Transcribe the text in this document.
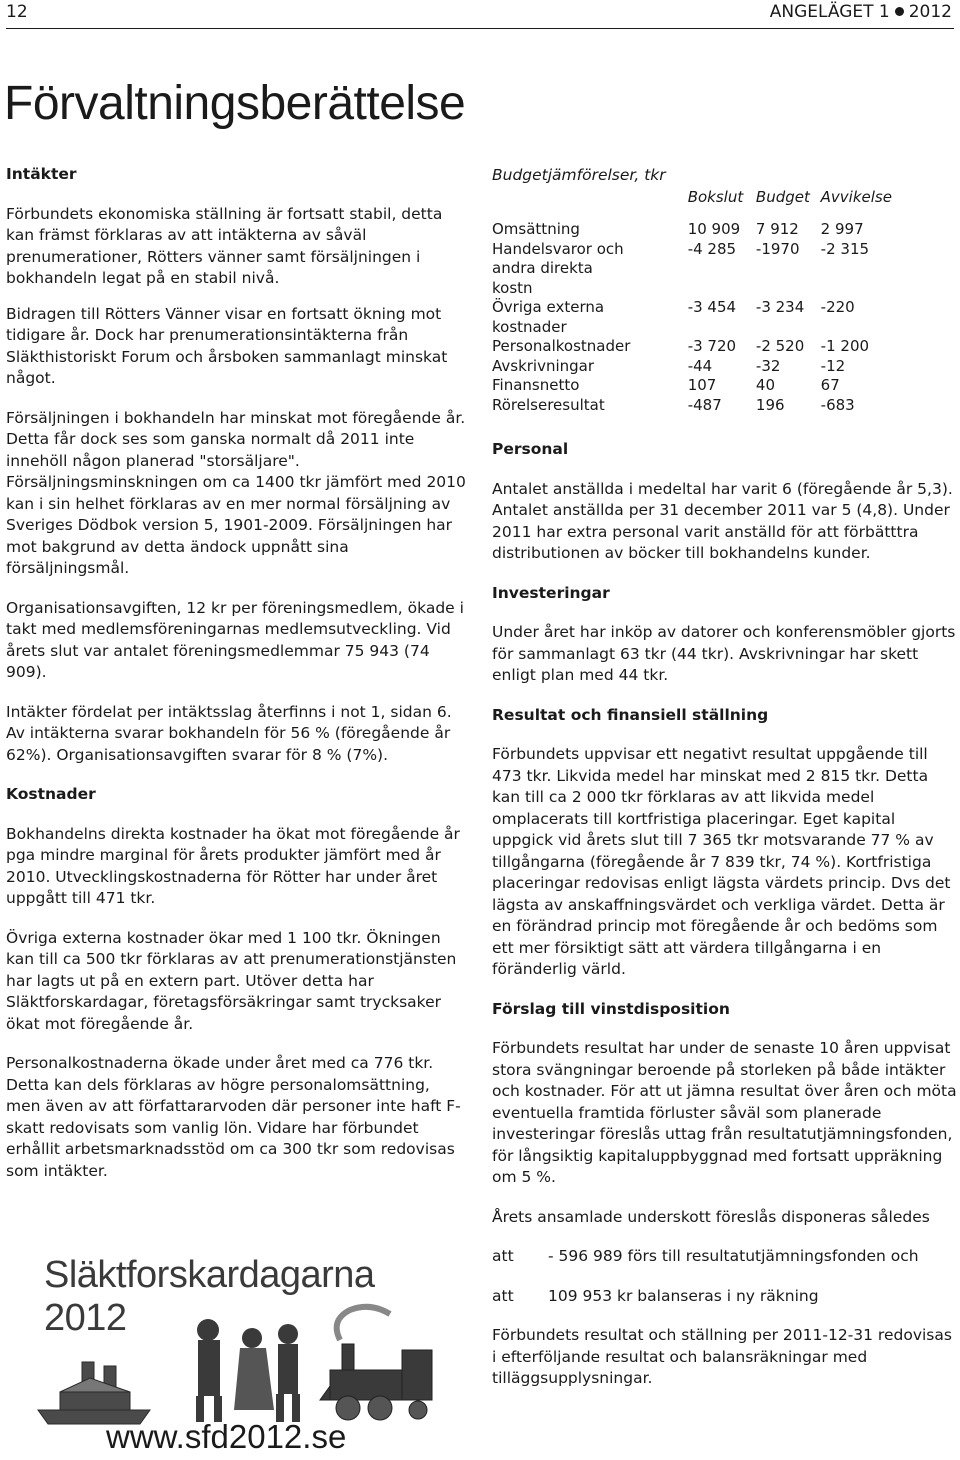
12	ANGELÄGET 1 2012
Förvaltningsberättelse

Intäkter

Förbundets ekonomiska ställning är fortsatt stabil, detta kan främst förklaras av att intäkterna av såväl prenumerationer, Rötters vänner samt försäljningen i bokhandeln legat på en stabil nivå.

Bidragen till Rötters Vänner visar en fortsatt ökning mot tidigare år. Dock har prenumerationsintäkterna från Släkthistoriskt Forum och årsboken sammanlagt minskat något.

Försäljningen i bokhandeln har minskat mot föregående år. Detta får dock ses som ganska normalt då 2011 inte innehöll någon planerad "storsäljare". Försäljningsminskningen om ca 1400 tkr jämfört med 2010 kan i sin helhet förklaras av en mer normal försäljning av Sveriges Dödbok version 5, 1901-2009. Försäljningen har mot bakgrund av detta ändock uppnått sina försäljningsmål.

Organisationsavgiften, 12 kr per föreningsmedlem, ökade i takt med medlemsföreningarnas medlemsutveckling. Vid årets slut var antalet föreningsmedlemmar 75 943 (74 909).

Intäkter fördelat per intäktsslag återfinns i not 1, sidan 6. Av intäkterna svarar bokhandeln för 56 % (föregående år 62%). Organisationsavgiften svarar för 8 % (7%).

Kostnader

Bokhandelns direkta kostnader ha ökat mot föregående år pga mindre marginal för årets produkter jämfört med år 2010. Utvecklingskostnaderna för Rötter har under året uppgått till 471 tkr.

Övriga externa kostnader ökar med 1 100 tkr. Ökningen kan till ca 500 tkr förklaras av att prenumerationstjänsten har lagts ut på en extern part. Utöver detta har Släktforskardagar, företagsförsäkringar samt trycksaker ökat mot föregående år.

Personalkostnaderna ökade under året med ca 776 tkr. Detta kan dels förklaras av högre personalomsättning, men även av att författararvoden där personer inte haft F-skatt redovisats som vanlig lön. Vidare har förbundet erhållit arbetsmarknadsstöd om ca 300 tkr som redovisas som intäkter.

Släktforskardagarna 2012
www.sfd2012.se
Budgetjämförelser, tkr
	Bokslut	Budget	Avvikelse

Omsättning	10 909	7 912	2 997
Handelsvaror och andra direkta kostn	-4 285	-1970	-2 315
Övriga externa kostnader	-3 454	-3 234	-220
Personalkostnader	-3 720	-2 520	-1 200
Avskrivningar	-44	-32	-12
Finansnetto	107	40	67
Rörelseresultat	-487	196	-683

Personal

Antalet anställda i medeltal har varit 6 (föregående år 5,3). Antalet anställda per 31 december 2011 var 5 (4,8). Under 2011 har extra personal varit anställd för att förbätttra distributionen av böcker till bokhandelns kunder.

Investeringar

Under året har inköp av datorer och konferensmöbler gjorts för sammanlagt 63 tkr (44 tkr). Avskrivningar har skett enligt plan med 44 tkr.

Resultat och finansiell ställning

Förbundets uppvisar ett negativt resultat uppgående till 473 tkr. Likvida medel har minskat med 2 815 tkr. Detta kan till ca 2 000 tkr förklaras av att likvida medel omplacerats till kortfristiga placeringar. Eget kapital uppgick vid årets slut till 7 365 tkr motsvarande 77 % av tillgångarna (föregående år 7 839 tkr, 74 %). Kortfristiga placeringar redovisas enligt lägsta värdets princip. Dvs det lägsta av anskaffningsvärdet och verkliga värdet. Detta är en förändrad princip mot föregående år och bedöms som ett mer försiktigt sätt att värdera tillgångarna i en föränderlig värld.

Förslag till vinstdisposition

Förbundets resultat har under de senaste 10 åren uppvisat stora svängningar beroende på storleken på både intäkter och kostnader. För att ut jämna resultat över åren och möta eventuella framtida förluster såväl som planerade investeringar föreslås uttag från resultatutjämningsfonden, för långsiktig kapitaluppbyggnad med fortsatt uppräkning om 5 %.

Årets ansamlade underskott föreslås disponeras således

att	- 596 989 förs till resultatutjämningsfonden och
att	109 953 kr balanseras i ny räkning

Förbundets resultat och ställning per 2011-12-31 redovisas i efterföljande resultat och balansräkningar med tilläggsupplysningar.
